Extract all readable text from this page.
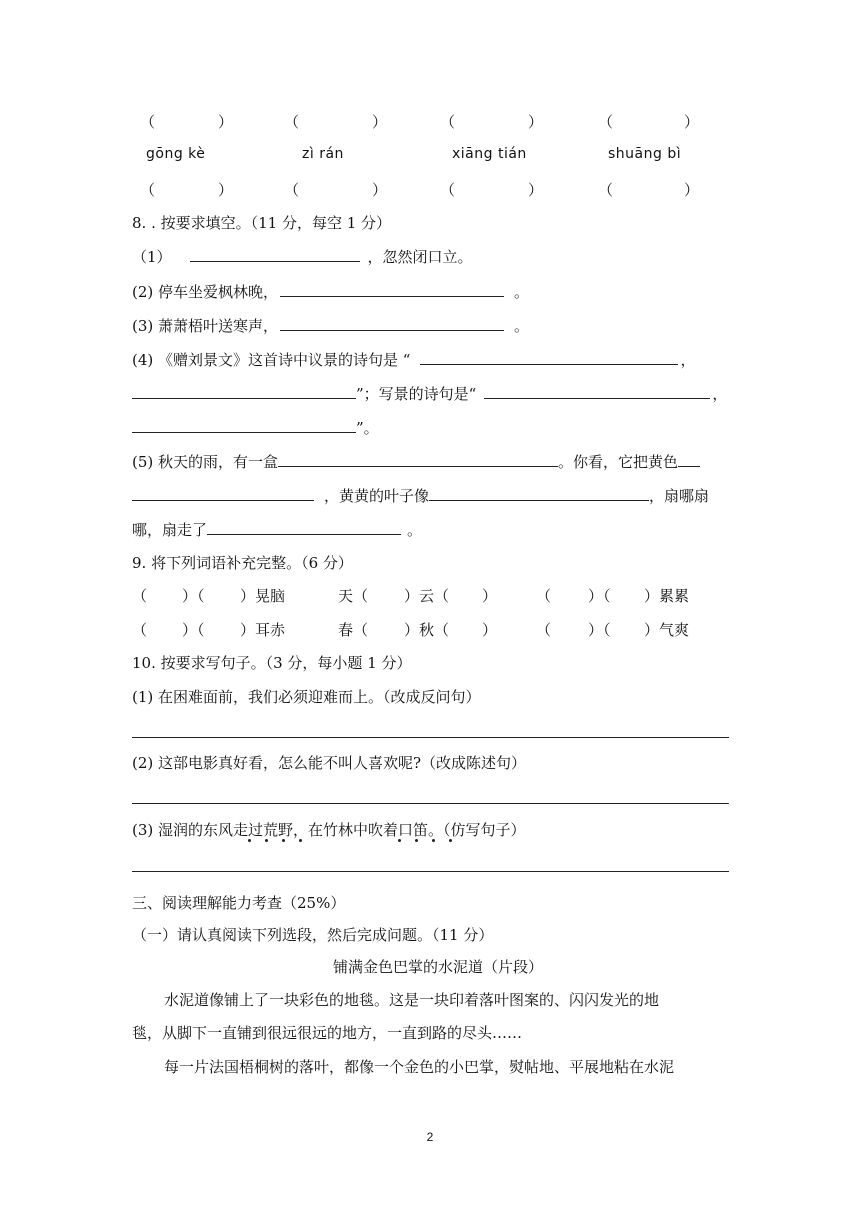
（	）	（	）	（	）	（	）
gōng kè	zì rán	xiāng tián	shuāng bì
（	）	（	）	（	）	（	）
8. . 按要求填空。（11 分，每空 1 分）
（1）	，忽然闭口立。
(2) 停车坐爱枫林晚，	。
(3) 萧萧梧叶送寒声，	。
(4) 《赠刘景文》这首诗中议景的诗句是 “	，
”；写景的诗句是“	，
”。
(5) 秋天的雨，有一盒	。你看，它把黄色
，黄黄的叶子像	，扇哪扇
哪，扇走了	。
9. 将下列词语补充完整。（6 分）
（ ）（ ）晃脑	天（ ）云（ ）	（ ）（ ）累累
（ ）（ ）耳赤	春（ ）秋（ ）	（ ）（ ）气爽
10. 按要求写句子。（3 分，每小题 1 分）
(1) 在困难面前，我们必须迎难而上。（改成反问句）
(2) 这部电影真好看，怎么能不叫人喜欢呢?（改成陈述句）
(3) 湿润的东风走过荒野，在竹林中吹着口笛。（仿写句子）
三、阅读理解能力考查（25%）
（一）请认真阅读下列选段，然后完成问题。（11 分）
铺满金色巴掌的水泥道（片段）
水泥道像铺上了一块彩色的地毯。这是一块印着落叶图案的、闪闪发光的地
毯，从脚下一直铺到很远很远的地方，一直到路的尽头……
每一片法国梧桐树的落叶，都像一个金色的小巴掌，熨帖地、平展地粘在水泥
2
